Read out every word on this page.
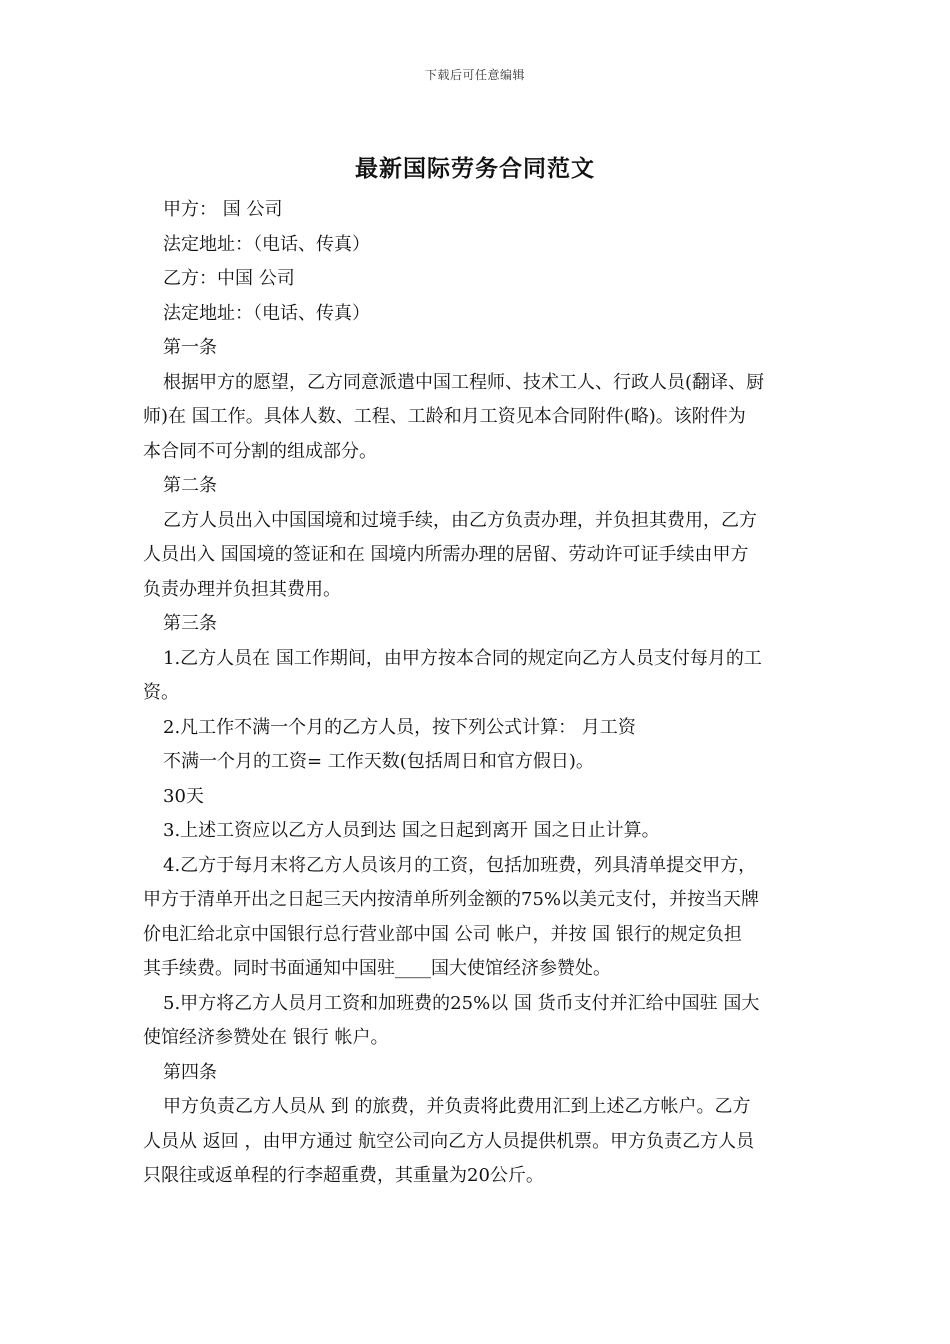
下载后可任意编辑
最新国际劳务合同范文
甲方： 国 公司
法定地址：（电话、传真）
乙方：中国 公司
法定地址：（电话、传真）
第一条
根据甲方的愿望，乙方同意派遣中国工程师、技术工人、行政人员(翻译、厨
师)在 国工作。具体人数、工程、工龄和月工资见本合同附件(略)。该附件为
本合同不可分割的组成部分。
第二条
乙方人员出入中国国境和过境手续，由乙方负责办理，并负担其费用，乙方
人员出入 国国境的签证和在 国境内所需办理的居留、劳动许可证手续由甲方
负责办理并负担其费用。
第三条
1.乙方人员在 国工作期间，由甲方按本合同的规定向乙方人员支付每月的工
资。
2.凡工作不满一个月的乙方人员，按下列公式计算： 月工资
不满一个月的工资= 工作天数(包括周日和官方假日)。
30天
3.上述工资应以乙方人员到达 国之日起到离开 国之日止计算。
4.乙方于每月末将乙方人员该月的工资，包括加班费，列具清单提交甲方，
甲方于清单开出之日起三天内按清单所列金额的75%以美元支付，并按当天牌
价电汇给北京中国银行总行营业部中国 公司 帐户，并按 国 银行的规定负担
其手续费。同时书面通知中国驻____国大使馆经济参赞处。
5.甲方将乙方人员月工资和加班费的25%以 国 货币支付并汇给中国驻 国大
使馆经济参赞处在 银行 帐户。
第四条
甲方负责乙方人员从 到 的旅费，并负责将此费用汇到上述乙方帐户。乙方
人员从 返回 ，由甲方通过 航空公司向乙方人员提供机票。甲方负责乙方人员
只限往或返单程的行李超重费，其重量为20公斤。
